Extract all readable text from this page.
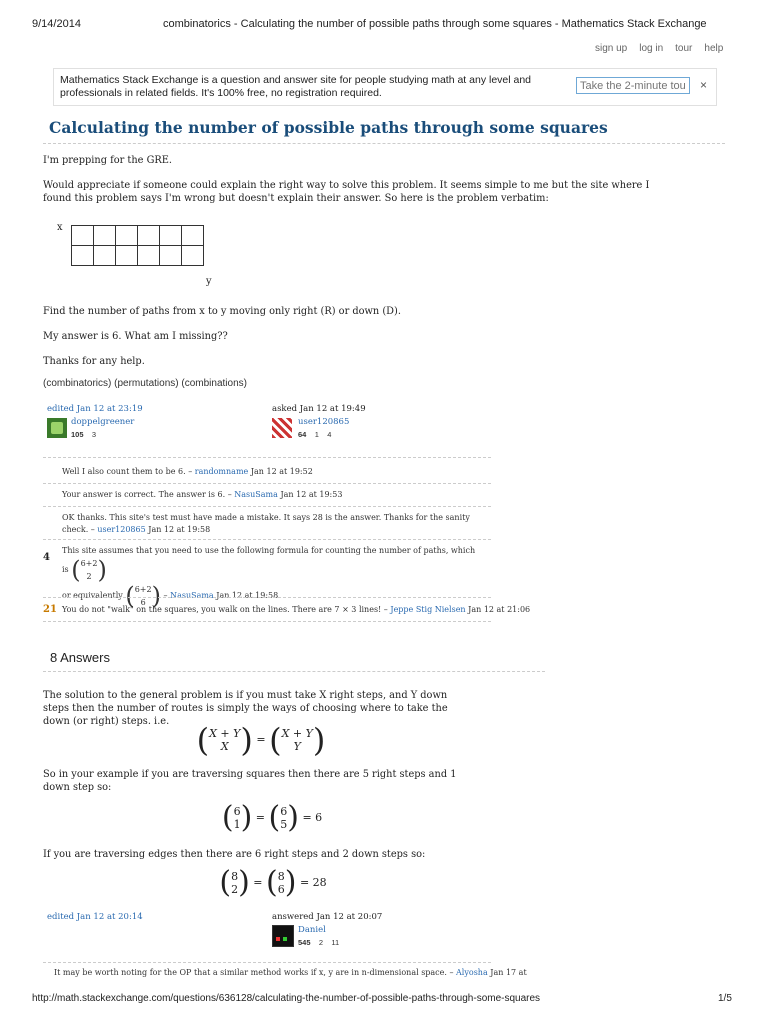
9/14/2014	combinatorics - Calculating the number of possible paths through some squares - Mathematics Stack Exchange
sign up log in tour help
Mathematics Stack Exchange is a question and answer site for people studying math at any level and professionals in related fields. It's 100% free, no registration required.
Take the 2-minute tour
×
Calculating the number of possible paths through some squares
I'm prepping for the GRE.
Would appreciate if someone could explain the right way to solve this problem. It seems simple to me but the site where I found this problem says I'm wrong but doesn't explain their answer. So here is the problem verbatim:
x

y
Find the number of paths from x to y moving only right (R) or down (D).
My answer is 6. What am I missing??
Thanks for any help.
(combinatorics) (permutations) (combinations)
edited Jan 12 at 23:19
doppelgreener
105 3
asked Jan 12 at 19:49
user120865
64 1 4
Well I also count them to be 6. – randomname Jan 12 at 19:52
Your answer is correct. The answer is 6. – NasuSama Jan 12 at 19:53
OK thanks. This site's test must have made a mistake. It says 28 is the answer. Thanks for the sanity check. – user120865 Jan 12 at 19:58
4
This site assumes that you need to use the following formula for counting the number of paths, which is (6+2
2 )
or equivalently (6+2
6 ) – NasuSama Jan 12 at 19:58
21 You do not "walk" on the squares, you walk on the lines. There are 7 × 3 lines! – Jeppe Stig Nielsen Jan 12 at 21:06
8 Answers
The solution to the general problem is if you must take X right steps, and Y down steps then the number of routes is simply the ways of choosing where to take the down (or right) steps. i.e. (X + Y
X ) = (X + Y
Y )
So in your example if you are traversing squares then there are 5 right steps and 1 down step so:
(6
1) = (6
5) = 6
If you are traversing edges then there are 6 right steps and 2 down steps so:
(8
2) = (8
6) = 28
edited Jan 12 at 20:14	answered Jan 12 at 20:07
Daniel
545 2 11
It may be worth noting for the OP that a similar method works if x, y are in n-dimensional space. – Alyosha Jan 17 at
http://math.stackexchange.com/questions/636128/calculating-the-number-of-possible-paths-through-some-squares	1/5
